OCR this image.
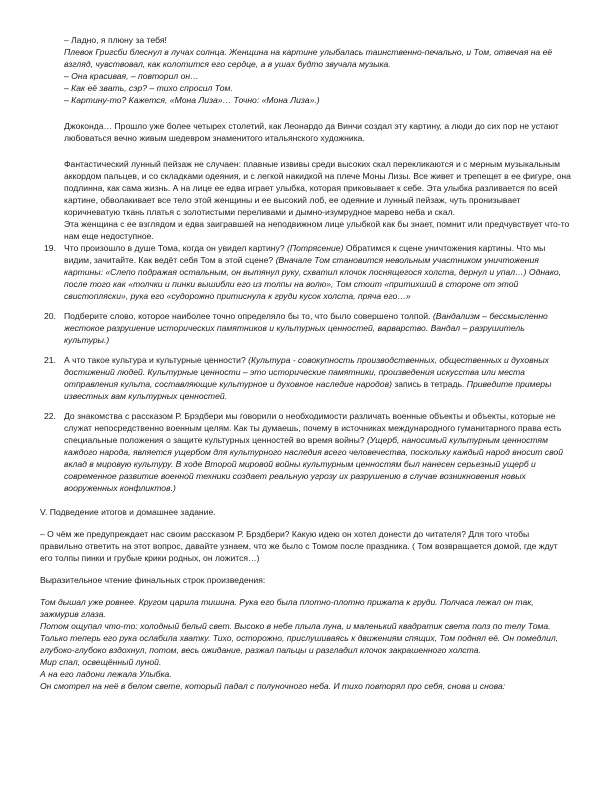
– Ладно, я плюну за тебя!

Плевок Григсби блеснул в лучах солнца. Женщина на картине улыбалась таинственно-печально, и Том, отвечая на её взгляд, чувствовал, как колотится его сердце, а в ушах будто звучала музыка.

– Она красивая, – повторил он…

– Как её звать, сэр? – тихо спросил Том.

– Картину-то? Кажется, «Мона Лиза»… Точно: «Мона Лиза».)

Джоконда… Прошло уже более четырех столетий, как Леонардо да Винчи создал эту картину, а люди до сих пор не устают любоваться вечно живым шедевром знаменитого итальянского художника.

Фантастический лунный пейзаж не случаен: плавные извивы среди высоких скал перекликаются и с мерным музыкальным аккордом пальцев, и со складками одеяния, и с легкой накидкой на плече Моны Лизы. Все живет и трепещет в ее фигуре, она подлинна, как сама жизнь. А на лице ее едва играет улыбка, которая приковывает к себе. Эта улыбка разливается по всей картине, обволакивает все тело этой женщины и ее высокий лоб, ее одеяние и лунный пейзаж, чуть пронизывает коричневатую ткань платья с золотистыми переливами и дымно-изумрудное марево неба и скал.

Эта женщина с ее взглядом и едва заигравшей на неподвижном лице улыбкой как бы знает, помнит или предчувствует что-то нам еще недоступное.

19. Что произошло в душе Тома, когда он увидел картину? (Потрясение) Обратимся к сцене уничтожения картины. Что мы видим, зачитайте. Как ведёт себя Том в этой сцене? (Вначале Том становится невольным участником уничтожения картины: «Слепо подражая остальным, он вытянул руку, схватил клочок лоснящегося холста, дернул и упал…) Однако, после того как «толчки и пинки вышибли его из толпы на волю», Том стоит «притихший в стороне от этой свистопляски», рука его «судорожно притиснула к груди кусок холста, пряча его…»

20. Подберите слово, которое наиболее точно определяло бы то, что было совершено толпой. (Вандализм – бессмысленно жестокое разрушение исторических памятников и культурных ценностей, варварство. Вандал – разрушитель культуры.)

21. А что такое культура и культурные ценности? (Культура - совокупность производственных, общественных и духовных достижений людей. Культурные ценности – это исторические памятники, произведения искусства или места отправления культа, составляющие культурное и духовное наследие народов) запись в тетрадь. Приведите примеры известных вам культурных ценностей.

22. До знакомства с рассказом Р. Брэдбери мы говорили о необходимости различать военные объекты и объекты, которые не служат непосредственно военным целям. Как ты думаешь, почему в источниках международного гуманитарного права есть специальные положения о защите культурных ценностей во время войны? (Ущерб, наносимый культурным ценностям каждого народа, является ущербом для культурного наследия всего человечества, поскольку каждый народ вносит свой вклад в мировую культуру. В ходе Второй мировой войны культурным ценностям был нанесен серьезный ущерб и современное развитие военной техники создает реальную угрозу их разрушению в случае возникновения новых вооруженных конфликтов.)

V. Подведение итогов и домашнее задание.

– О чём же предупреждает нас своим рассказом Р. Брэдбери? Какую идею он хотел донести до читателя? Для того чтобы правильно ответить на этот вопрос, давайте узнаем, что же было с Томом после праздника. ( Том возвращается домой, где ждут его толпы пинки и грубые крики родных, он ложится…)

Выразительное чтение финальных строк произведения:

Том дышал уже ровнее. Кругом царила тишина. Рука его была плотно-плотно прижата к груди. Полчаса лежал он так, зажмурив глаза.

Потом ощупал что-то: холодный белый свет. Высоко в небе плыла луна, и маленький квадратик света полз по телу Тома. Только теперь его рука ослабила хватку. Тихо, осторожно, прислушиваясь к движениям спящих, Том поднял её. Он помедлил, глубоко-глубоко вздохнул, потом, весь ожидание, разжал пальцы и разгладил клочок закрашенного холста.

Мир спал, освещённый луной.

А на его ладони лежала Улыбка.

Он смотрел на неё в белом свете, который падал с полуночного неба. И тихо повторял про себя, снова и снова:
